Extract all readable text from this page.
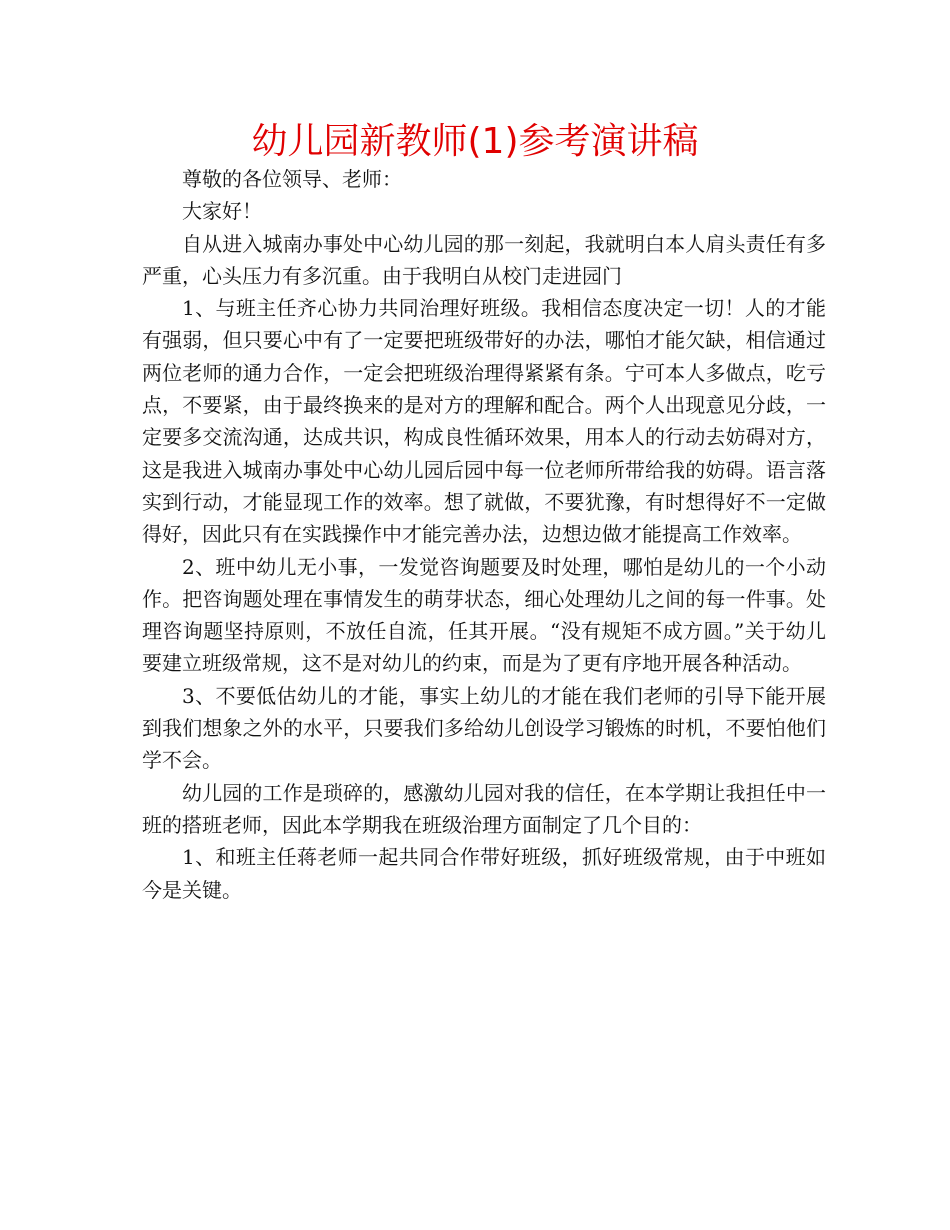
幼儿园新教师(1)参考演讲稿

尊敬的各位领导、老师：

大家好！

自从进入城南办事处中心幼儿园的那一刻起，我就明白本人肩头责任有多严重，心头压力有多沉重。由于我明白从校门走进园门

1、与班主任齐心协力共同治理好班级。我相信态度决定一切！人的才能有强弱，但只要心中有了一定要把班级带好的办法，哪怕才能欠缺，相信通过两位老师的通力合作，一定会把班级治理得紧紧有条。宁可本人多做点，吃亏点，不要紧，由于最终换来的是对方的理解和配合。两个人出现意见分歧，一定要多交流沟通，达成共识，构成良性循环效果，用本人的行动去妨碍对方，这是我进入城南办事处中心幼儿园后园中每一位老师所带给我的妨碍。语言落实到行动，才能显现工作的效率。想了就做，不要犹豫，有时想得好不一定做得好，因此只有在实践操作中才能完善办法，边想边做才能提高工作效率。

2、班中幼儿无小事，一发觉咨询题要及时处理，哪怕是幼儿的一个小动作。把咨询题处理在事情发生的萌芽状态，细心处理幼儿之间的每一件事。处理咨询题坚持原则，不放任自流，任其开展。“没有规矩不成方圆。”关于幼儿要建立班级常规，这不是对幼儿的约束，而是为了更有序地开展各种活动。

3、不要低估幼儿的才能，事实上幼儿的才能在我们老师的引导下能开展到我们想象之外的水平，只要我们多给幼儿创设学习锻炼的时机，不要怕他们学不会。

幼儿园的工作是琐碎的，感激幼儿园对我的信任，在本学期让我担任中一班的搭班老师，因此本学期我在班级治理方面制定了几个目的：

1、和班主任蒋老师一起共同合作带好班级，抓好班级常规，由于中班如今是关键。
